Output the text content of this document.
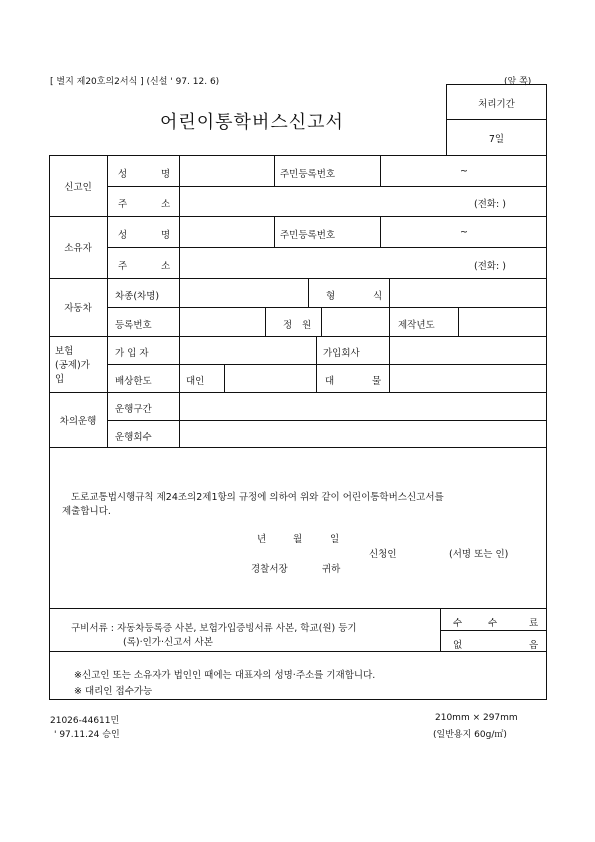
[ 별지 제20호의2서식 ] (신설 ' 97. 12. 6)	(앞 쪽)
어린이통학버스신고서
처리기간
7일
신고인
성	명	주민등록번호	~
주	소	(전화: )
소유자
성	명	주민등록번호	~
주	소	(전화: )
자동차
차종(차명)	형	식
등록번호	정 원	제작년도
보험
(공제)가
입
가 입 자	가입회사
배상한도	대인	대	물
차의운행
운행구간
운행회수
도로교통법시행규칙 제24조의2제1항의 규정에 의하여 위와 같이 어린이통학버스신고서를
제출합니다.
년	월	일
신청인	(서명 또는 인)
경찰서장	귀하
구비서류 : 자동차등록증 사본, 보험가입증빙서류 사본, 학교(원) 등기
(록)·인가·신고서 사본
수	수	료
없	음
※신고인 또는 소유자가 법인인 때에는 대표자의 성명·주소를 기재합니다.
※ 대리인 접수가능
21026-44611민
' 97.11.24 승인
210mm × 297mm
(일반용지 60g/㎡)
